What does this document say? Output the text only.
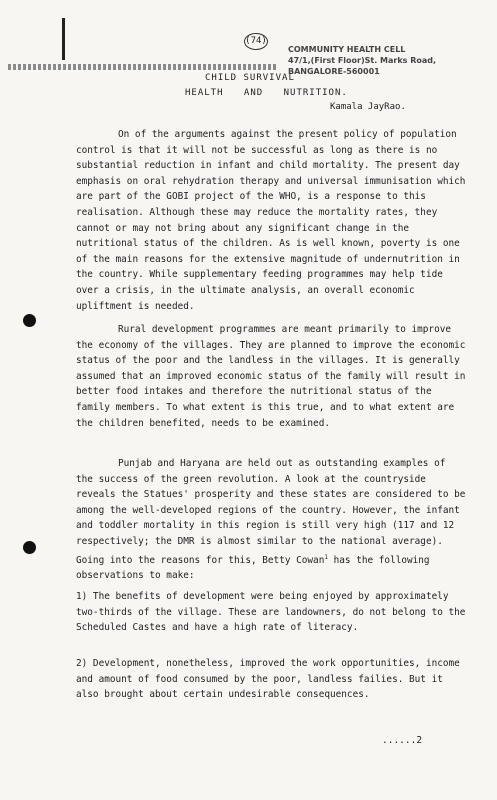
(74)
COMMUNITY HEALTH CELL
47/1,(First Floor)St. Marks Road,
BANGALORE-560001
CHILD SURVIVAL
HEALTH AND NUTRITION.
Kamala JayRao.

On of the arguments against the present policy of population control is that it will not be successful as long as there is no substantial reduction in infant and child mortality. The present day emphasis on oral rehydration therapy and universal immunisation which are part of the GOBI project of the WHO, is a response to this realisation. Although these may reduce the mortality rates, they cannot or may not bring about any significant change in the nutritional status of the children. As is well known, poverty is one of the main reasons for the extensive magnitude of undernutrition in the country. While supplementary feeding programmes may help tide over a crisis, in the ultimate analysis, an overall economic upliftment is needed.

Rural development programmes are meant primarily to improve the economy of the villages. They are planned to improve the economic status of the poor and the landless in the villages. It is generally assumed that an improved economic status of the family will result in better food intakes and therefore the nutritional status of the family members. To what extent is this true, and to what extent are the children benefited, needs to be examined.

Punjab and Haryana are held out as outstanding examples of the success of the green revolution. A look at the countryside reveals the Statues' prosperity and these states are considered to be among the well-developed regions of the country. However, the infant and toddler mortality in this region is still very high (117 and 12 respectively; the DMR is almost similar to the national average). Going into the reasons for this, Betty Cowan$^1$ has the following observations to make:

1) The benefits of development were being enjoyed by approximately two-thirds of the village. These are landowners, do not belong to the Scheduled Castes and have a high rate of literacy.

2) Development, nonetheless, improved the work opportunities, income and amount of food consumed by the poor, landless failies. But it also brought about certain undesirable consequences.

......2
